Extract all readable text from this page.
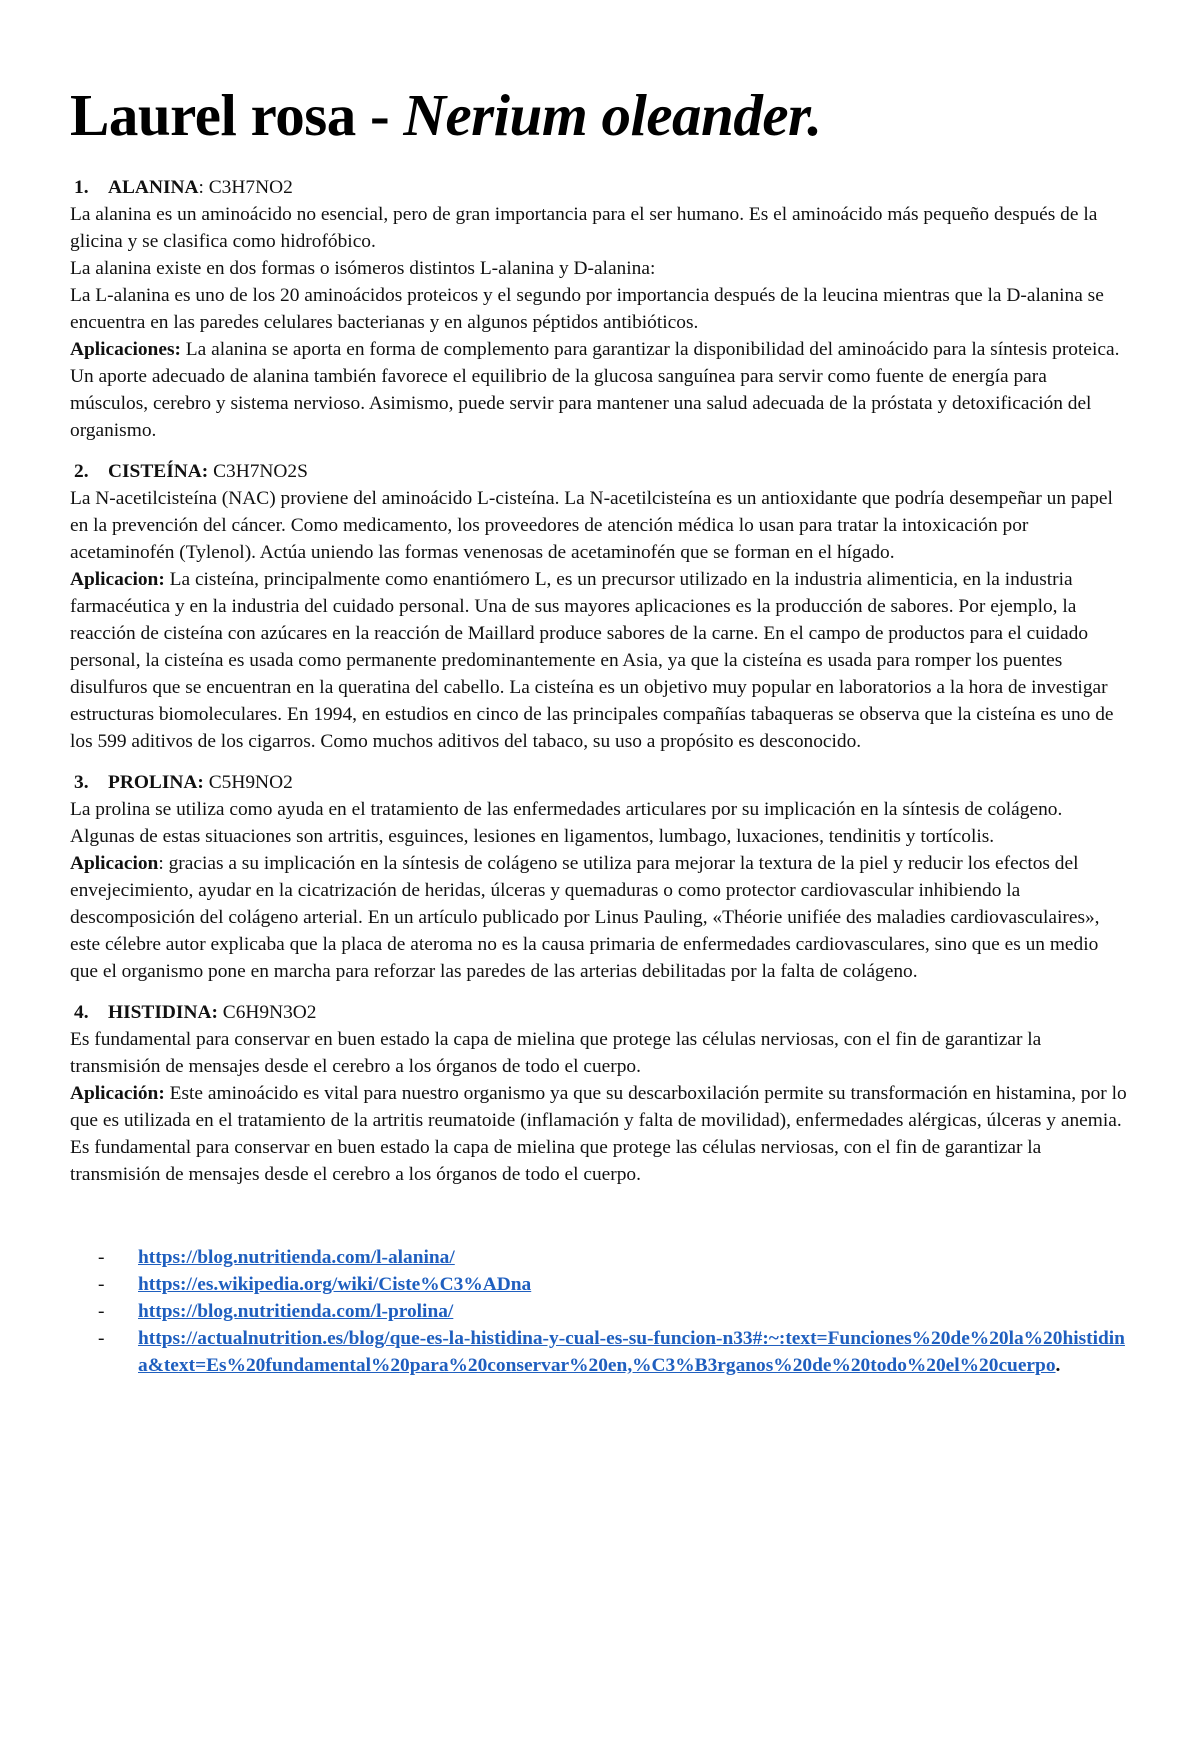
Laurel rosa - Nerium oleander.
1. ALANINA: C3H7NO2

La alanina es un aminoácido no esencial, pero de gran importancia para el ser humano. Es el aminoácido más pequeño después de la glicina y se clasifica como hidrofóbico.

La alanina existe en dos formas o isómeros distintos L-alanina y D-alanina:

La L-alanina es uno de los 20 aminoácidos proteicos y el segundo por importancia después de la leucina mientras que la D-alanina se encuentra en las paredes celulares bacterianas y en algunos péptidos antibióticos.

Aplicaciones: La alanina se aporta en forma de complemento para garantizar la disponibilidad del aminoácido para la síntesis proteica. Un aporte adecuado de alanina también favorece el equilibrio de la glucosa sanguínea para servir como fuente de energía para músculos, cerebro y sistema nervioso. Asimismo, puede servir para mantener una salud adecuada de la próstata y detoxificación del organismo.

2. CISTEÍNA: C3H7NO2S

La N-acetilcisteína (NAC) proviene del aminoácido L-cisteína. La N-acetilcisteína es un antioxidante que podría desempeñar un papel en la prevención del cáncer. Como medicamento, los proveedores de atención médica lo usan para tratar la intoxicación por acetaminofén (Tylenol). Actúa uniendo las formas venenosas de acetaminofén que se forman en el hígado.

Aplicacion: La cisteína, principalmente como enantiómero L, es un precursor utilizado en la industria alimenticia, en la industria farmacéutica y en la industria del cuidado personal. Una de sus mayores aplicaciones es la producción de sabores. Por ejemplo, la reacción de cisteína con azúcares en la reacción de Maillard produce sabores de la carne. En el campo de productos para el cuidado personal, la cisteína es usada como permanente predominantemente en Asia, ya que la cisteína es usada para romper los puentes disulfuros que se encuentran en la queratina del cabello. La cisteína es un objetivo muy popular en laboratorios a la hora de investigar estructuras biomoleculares. En 1994, en estudios en cinco de las principales compañías tabaqueras se observa que la cisteína es uno de los 599 aditivos de los cigarros. Como muchos aditivos del tabaco, su uso a propósito es desconocido.

3. PROLINA: C5H9NO2

La prolina se utiliza como ayuda en el tratamiento de las enfermedades articulares por su implicación en la síntesis de colágeno. Algunas de estas situaciones son artritis, esguinces, lesiones en ligamentos, lumbago, luxaciones, tendinitis y tortícolis.

Aplicacion: gracias a su implicación en la síntesis de colágeno se utiliza para mejorar la textura de la piel y reducir los efectos del envejecimiento, ayudar en la cicatrización de heridas, úlceras y quemaduras o como protector cardiovascular inhibiendo la descomposición del colágeno arterial. En un artículo publicado por Linus Pauling, «Théorie unifiée des maladies cardiovasculaires», este célebre autor explicaba que la placa de ateroma no es la causa primaria de enfermedades cardiovasculares, sino que es un medio que el organismo pone en marcha para reforzar las paredes de las arterias debilitadas por la falta de colágeno.

4. HISTIDINA: C6H9N3O2

Es fundamental para conservar en buen estado la capa de mielina que protege las células nerviosas, con el fin de garantizar la transmisión de mensajes desde el cerebro a los órganos de todo el cuerpo.

Aplicación: Este aminoácido es vital para nuestro organismo ya que su descarboxilación permite su transformación en histamina, por lo que es utilizada en el tratamiento de la artritis reumatoide (inflamación y falta de movilidad), enfermedades alérgicas, úlceras y anemia. Es fundamental para conservar en buen estado la capa de mielina que protege las células nerviosas, con el fin de garantizar la transmisión de mensajes desde el cerebro a los órganos de todo el cuerpo.

- https://blog.nutritienda.com/l-alanina/
- https://es.wikipedia.org/wiki/Ciste%C3%ADna
- https://blog.nutritienda.com/l-prolina/
- https://actualnutrition.es/blog/que-es-la-histidina-y-cual-es-su-funcion-n33#:~:text=Funciones%20de%20la%20histidina&text=Es%20fundamental%20para%20conservar%20en,%C3%B3rganos%20de%20todo%20el%20cuerpo.
